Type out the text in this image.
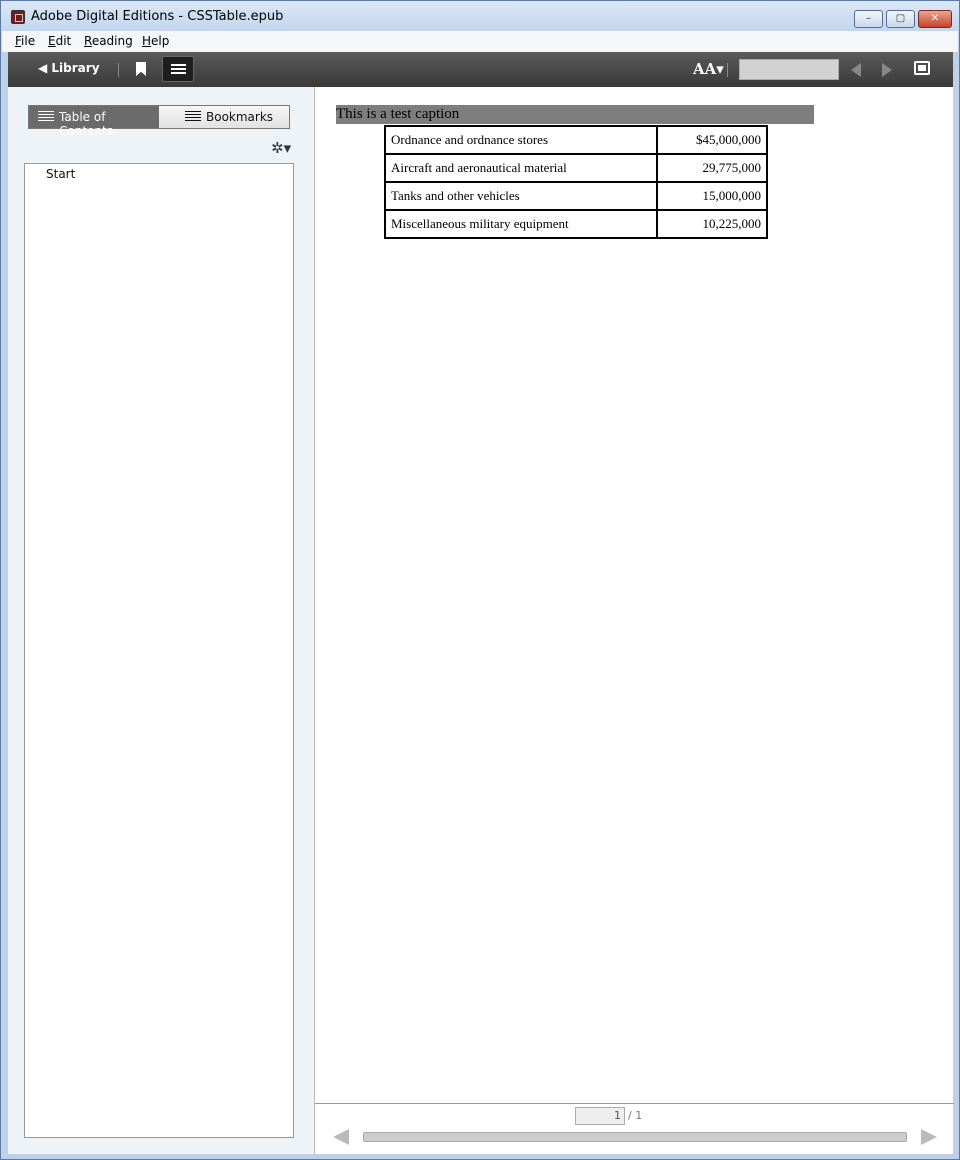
Adobe Digital Editions - CSSTable.epub	–	▢	✕
File Edit Reading Help
◀ Library	AA▾
Table of Contents
Bookmarks
✲▾
Start
This is a test caption
Ordnance and ordnance stores	$45,000,000
Aircraft and aeronautical material	29,775,000
Tanks and other vehicles	15,000,000
Miscellaneous military equipment	10,225,000
1 / 1
